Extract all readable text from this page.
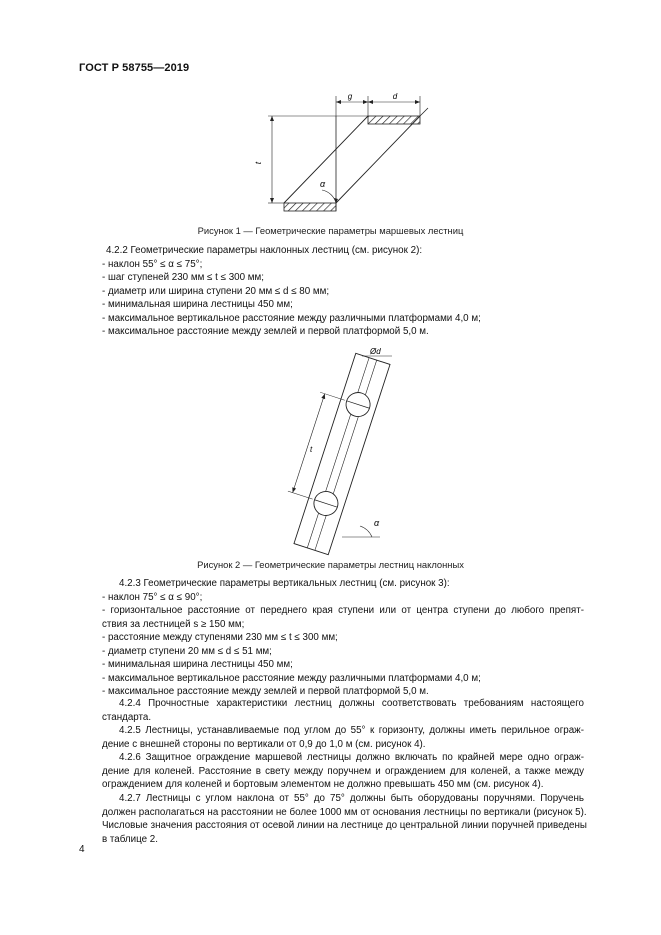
ГОСТ Р 58755—2019
g	d
t
α
Рисунок 1 — Геометрические параметры маршевых лестниц
4.2.2 Геометрические параметры наклонных лестниц (см. рисунок 2):
- наклон 55° ≤ α ≤ 75°;
- шаг ступеней 230 мм ≤ t ≤ 300 мм;
- диаметр или ширина ступени 20 мм ≤ d ≤ 80 мм;
- минимальная ширина лестницы 450 мм;
- максимальное вертикальное расстояние между различными платформами 4,0 м;
- максимальное расстояние между землей и первой платформой 5,0 м.
t
Ød
α
Рисунок 2 — Геометрические параметры лестниц наклонных
4.2.3 Геометрические параметры вертикальных лестниц (см. рисунок 3):
- наклон 75° ≤ α ≤ 90°;
- горизонтальное расстояние от переднего края ступени или от центра ступени до любого препят-
ствия за лестницей s ≥ 150 мм;
- расстояние между ступенями 230 мм ≤ t ≤ 300 мм;
- диаметр ступени 20 мм ≤ d ≤ 51 мм;
- минимальная ширина лестницы 450 мм;
- максимальное вертикальное расстояние между различными платформами 4,0 м;
- максимальное расстояние между землей и первой платформой 5,0 м.
4.2.4 Прочностные характеристики лестниц должны соответствовать требованиям настоящего
стандарта.
4.2.5 Лестницы, устанавливаемые под углом до 55° к горизонту, должны иметь перильное ограж-
дение с внешней стороны по вертикали от 0,9 до 1,0 м (см. рисунок 4).
4.2.6 Защитное ограждение маршевой лестницы должно включать по крайней мере одно ограж-
дение для коленей. Расстояние в свету между поручнем и ограждением для коленей, а также между
ограждением для коленей и бортовым элементом не должно превышать 450 мм (см. рисунок 4).
4.2.7 Лестницы с углом наклона от 55° до 75° должны быть оборудованы поручнями. Поручень
должен располагаться на расстоянии не более 1000 мм от основания лестницы по вертикали (рисунок 5).
Числовые значения расстояния от осевой линии на лестнице до центральной линии поручней приведены
в таблице 2.
4
